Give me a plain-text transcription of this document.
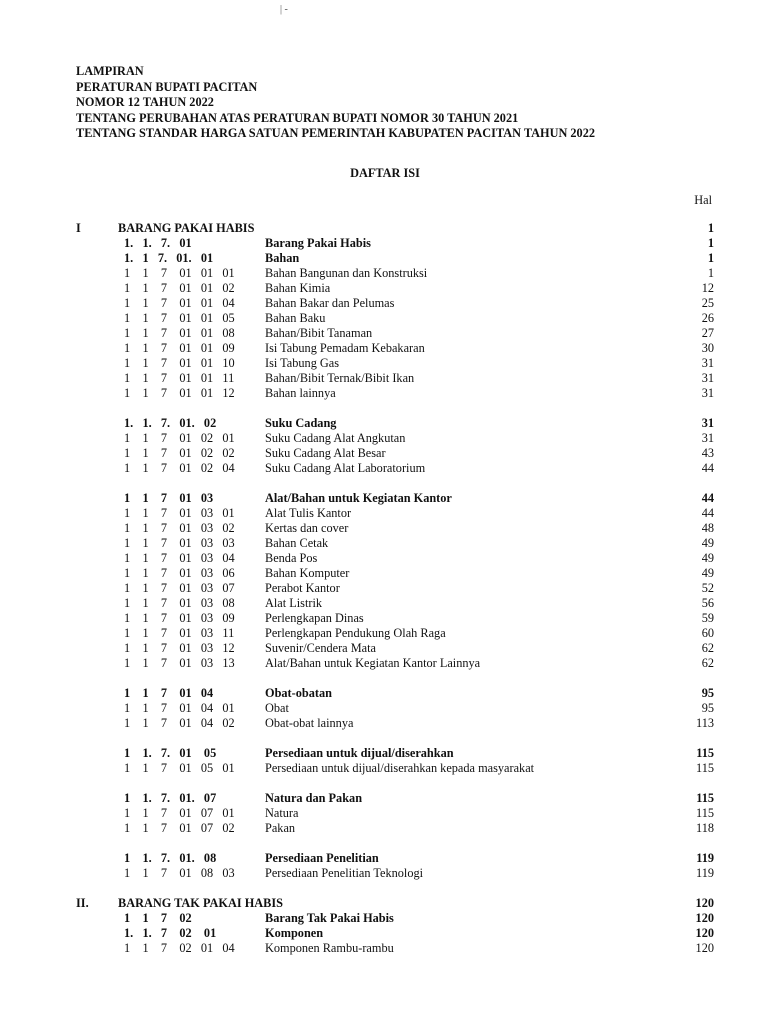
| -
LAMPIRAN
PERATURAN BUPATI PACITAN
NOMOR 12 TAHUN 2022
TENTANG PERUBAHAN ATAS PERATURAN BUPATI NOMOR 30 TAHUN 2021
TENTANG STANDAR HARGA SATUAN PEMERINTAH KABUPATEN PACITAN TAHUN 2022
DAFTAR ISI
Hal
I	BARANG PAKAI HABIS	1
1.   1.   7.   01	Barang Pakai Habis	1
1.   1   7.   01.   01	Bahan	1
1    1    7    01   01   01 Bahan Bangunan dan Konstruksi	1
1    1    7    01   01   02 Bahan Kimia	12
1    1    7    01   01   04 Bahan Bakar dan Pelumas	25
1    1    7    01   01   05 Bahan Baku	26
1    1    7    01   01   08 Bahan/Bibit Tanaman	27
1    1    7    01   01   09 Isi Tabung Pemadam Kebakaran	30
1    1    7    01   01   10 Isi Tabung Gas	31
1    1    7    01   01   11	Bahan/Bibit Ternak/Bibit Ikan	31
1    1    7    01   01   12 Bahan lainnya	31
1.   1.   7.   01.   02	Suku Cadang	31
1    1    7    01   02   01 Suku Cadang Alat Angkutan	31
1    1    7    01   02   02 Suku Cadang Alat Besar	43
1    1    7    01   02   04 Suku Cadang Alat Laboratorium	44
1    1    7    01   03	Alat/Bahan untuk Kegiatan Kantor	44
1    1    7    01   03   01 Alat Tulis Kantor	44
1    1    7    01   03   02 Kertas dan cover	48
1    1    7    01   03   03 Bahan Cetak	49
1    1    7    01   03   04 Benda Pos	49
1    1    7    01   03   06 Bahan Komputer	49
1    1    7    01   03   07 Perabot Kantor	52
1    1    7    01   03   08 Alat Listrik	56
1    1    7    01   03   09 Perlengkapan Dinas	59
1    1    7    01   03   11	Perlengkapan Pendukung Olah Raga	60
1    1    7    01   03   12 Suvenir/Cendera Mata	62
1    1    7    01   03   13 Alat/Bahan untuk Kegiatan Kantor Lainnya	62
1    1    7    01   04	Obat-obatan	95
1    1    7    01   04   01 Obat	95
1    1    7    01   04   02 Obat-obat lainnya	113
1    1.   7.   01    05	Persediaan untuk dijual/diserahkan	115
1    1    7    01   05   01 Persediaan untuk dijual/diserahkan kepada masyarakat	115
1    1.   7.   01.   07	Natura dan Pakan	115
1    1    7    01   07   01 Natura	115
1    1    7    01   07   02 Pakan	118
1    1.   7.   01.   08	Persediaan Penelitian	119
1    1    7    01   08   03 Persediaan Penelitian Teknologi	119
II. BARANG TAK PAKAI HABIS	120
1    1    7    02	Barang Tak Pakai Habis	120
1.   1.   7    02    01	Komponen	120
1    1    7    02   01   04 Komponen Rambu-rambu	120
